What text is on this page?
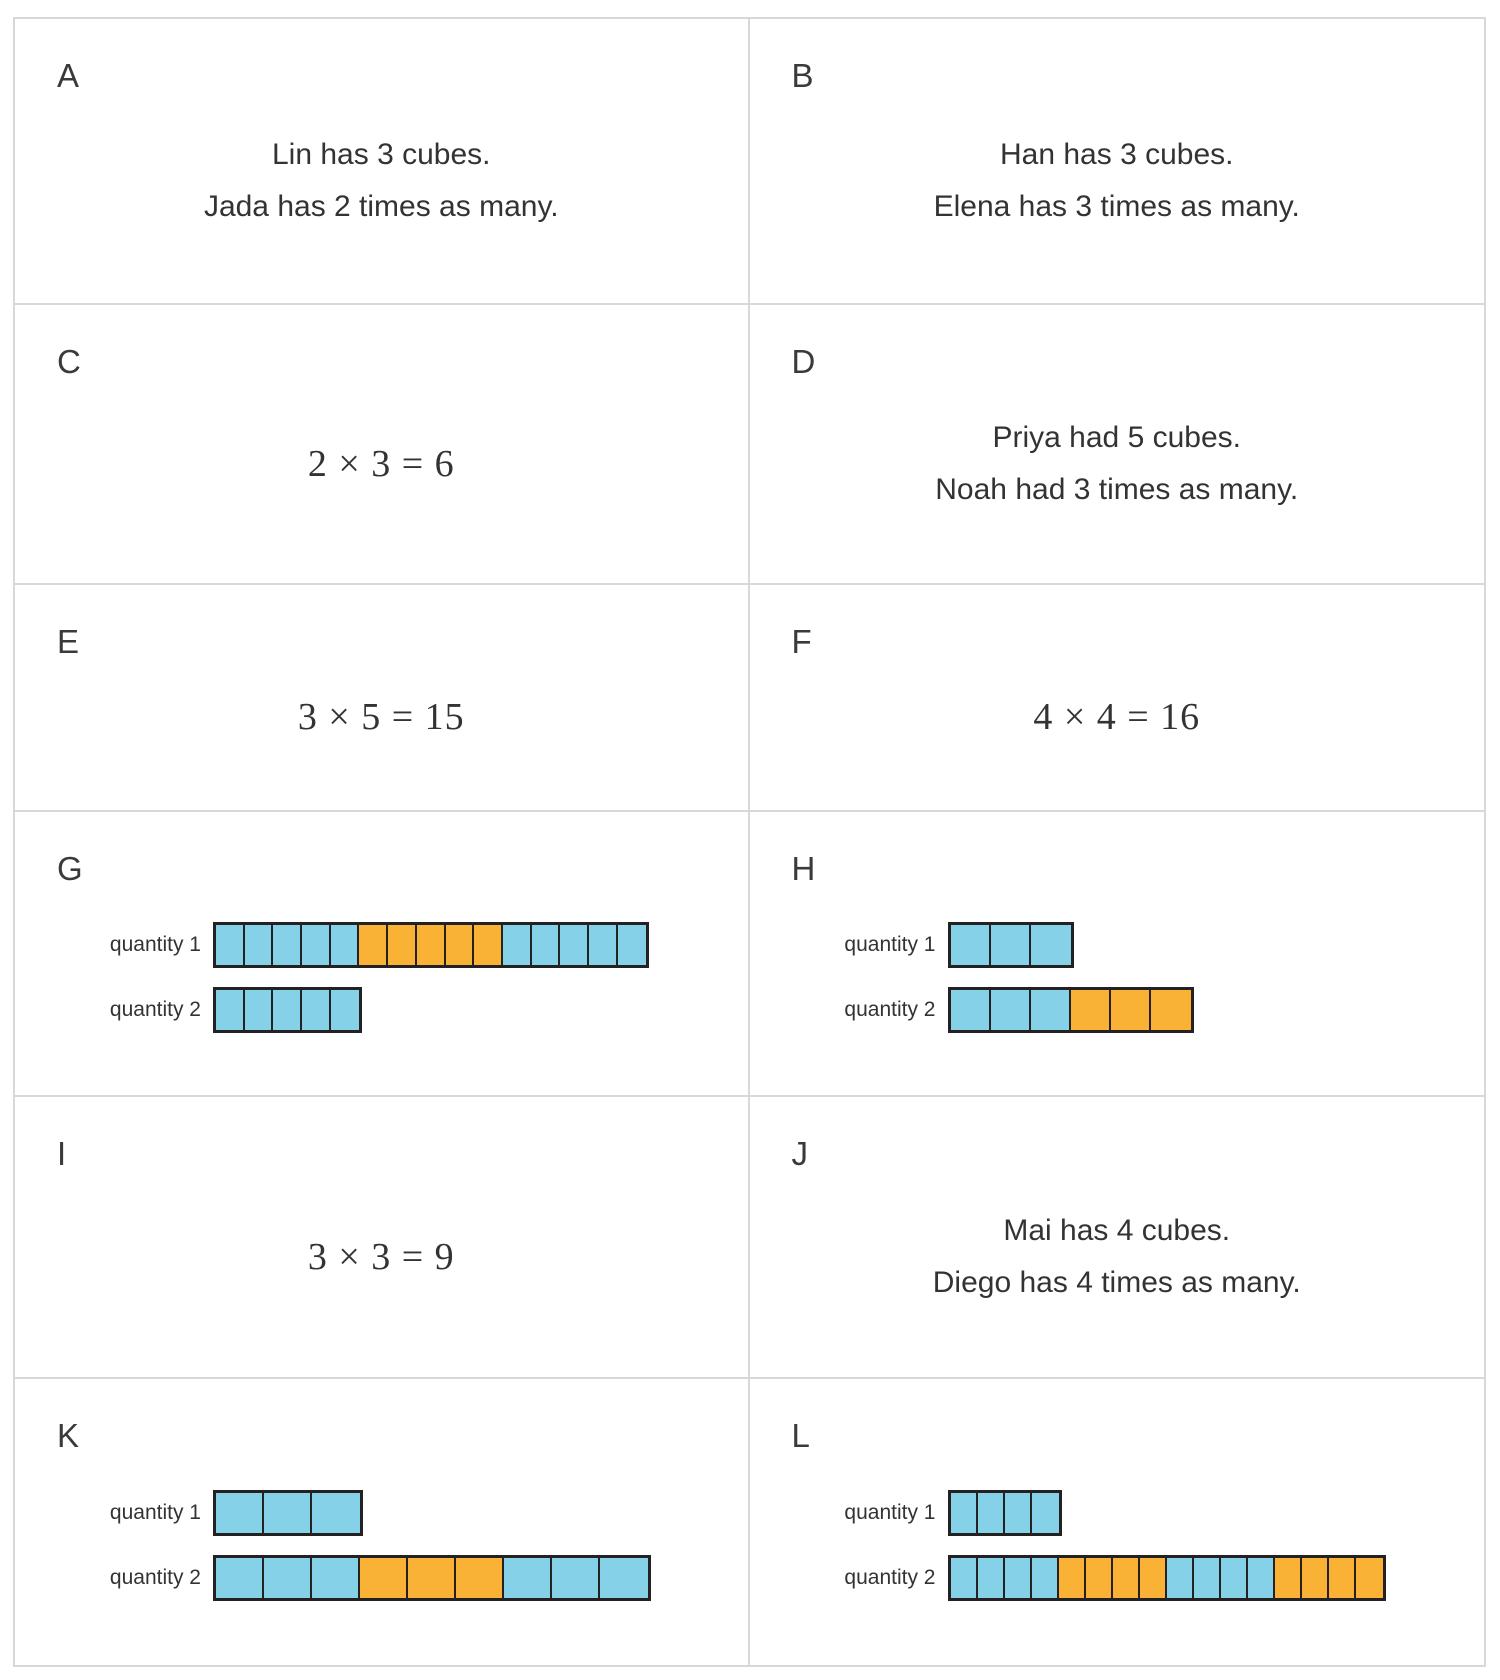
A

Lin has 3 cubes.

Jada has 2 times as many.

B

Han has 3 cubes.

Elena has 3 times as many.

C
2 × 3 = 6
D

Priya had 5 cubes.

Noah had 3 times as many.

E
3 × 5 = 15
F
4 × 4 = 16
G
quantity 1
quantity 2
H
quantity 1
quantity 2
I
3 × 3 = 9
J

Mai has 4 cubes.

Diego has 4 times as many.

K
quantity 1
quantity 2
L
quantity 1
quantity 2
